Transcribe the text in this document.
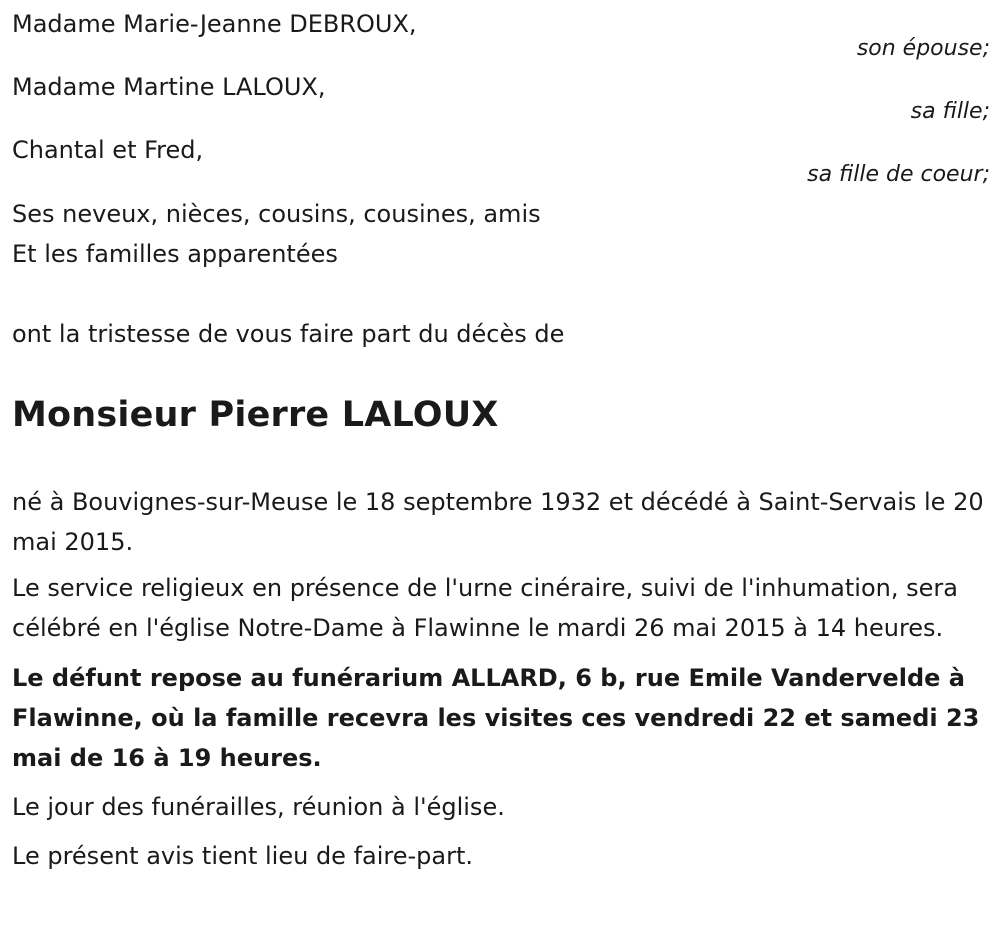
Madame Marie-Jeanne DEBROUX,
son épouse;
Madame Martine LALOUX,
sa fille;
Chantal et Fred,
sa fille de coeur;
Ses neveux, nièces, cousins, cousines, amis
Et les familles apparentées
ont la tristesse de vous faire part du décès de
Monsieur Pierre LALOUX

né à Bouvignes-sur-Meuse le 18 septembre 1932 et décédé à Saint-Servais le 20 mai 2015.

Le service religieux en présence de l'urne cinéraire, suivi de l'inhumation, sera célébré en l'église Notre-Dame à Flawinne le mardi 26 mai 2015 à 14 heures.

Le défunt repose au funérarium ALLARD, 6 b, rue Emile Vandervelde à Flawinne, où la famille recevra les visites ces vendredi 22 et samedi 23 mai de 16 à 19 heures.

Le jour des funérailles, réunion à l'église.

Le présent avis tient lieu de faire-part.
